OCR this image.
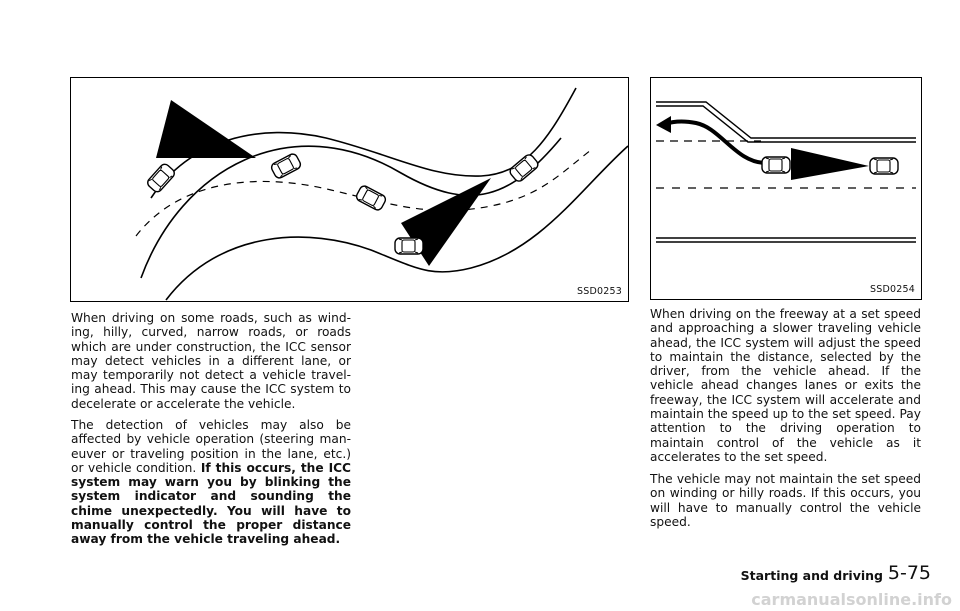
SSD0253	SSD0254

When driving on some roads, such as wind-ing, hilly, curved, narrow roads, or roads which are under construction, the ICC sensor may detect vehicles in a different lane, or may temporarily not detect a vehicle travel-ing ahead. This may cause the ICC system to decelerate or accelerate the vehicle.

The detection of vehicles may also be affected by vehicle operation (steering man-euver or traveling position in the lane, etc.) or vehicle condition. If this occurs, the ICC system may warn you by blinking the system indicator and sounding the chime unexpectedly. You will have to manually control the proper distance away from the vehicle traveling ahead.

When driving on the freeway at a set speed and approaching a slower traveling vehicle ahead, the ICC system will adjust the speed to maintain the distance, selected by the driver, from the vehicle ahead. If the vehicle ahead changes lanes or exits the freeway, the ICC system will accelerate and maintain the speed up to the set speed. Pay attention to the driving operation to maintain control of the vehicle as it accelerates to the set speed.

The vehicle may not maintain the set speed on winding or hilly roads. If this occurs, you will have to manually control the vehicle speed.

Starting and driving 5-75
carmanualsonline.info
